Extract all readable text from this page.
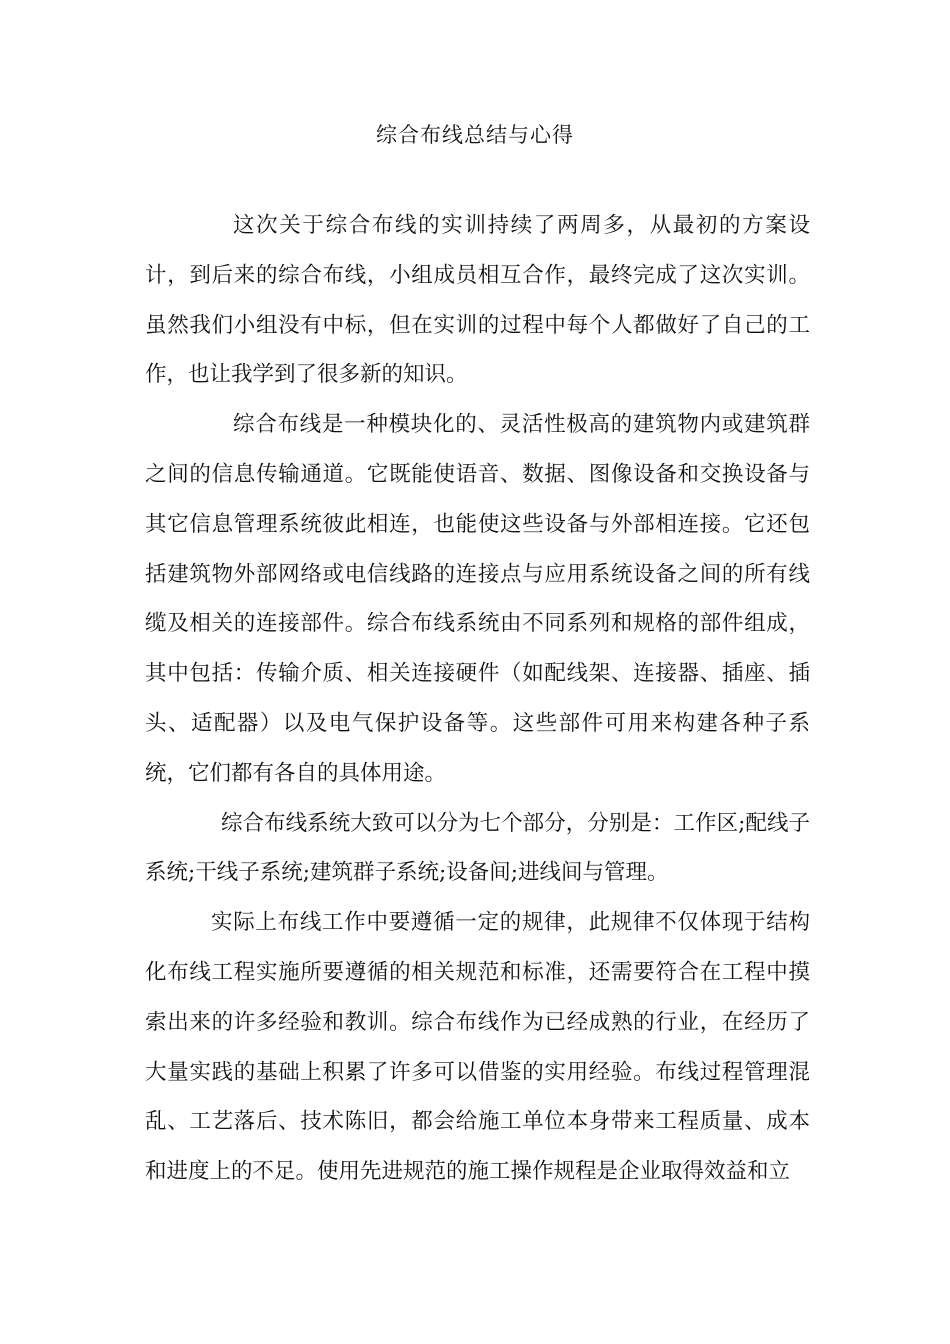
综合布线总结与心得

这次关于综合布线的实训持续了两周多，从最初的方案设计，到后来的综合布线，小组成员相互合作，最终完成了这次实训。虽然我们小组没有中标，但在实训的过程中每个人都做好了自己的工作，也让我学到了很多新的知识。

综合布线是一种模块化的、灵活性极高的建筑物内或建筑群之间的信息传输通道。它既能使语音、数据、图像设备和交换设备与其它信息管理系统彼此相连，也能使这些设备与外部相连接。它还包括建筑物外部网络或电信线路的连接点与应用系统设备之间的所有线缆及相关的连接部件。综合布线系统由不同系列和规格的部件组成，其中包括：传输介质、相关连接硬件（如配线架、连接器、插座、插头、适配器）以及电气保护设备等。这些部件可用来构建各种子系统，它们都有各自的具体用途。

综合布线系统大致可以分为七个部分，分别是：工作区;配线子系统;干线子系统;建筑群子系统;设备间;进线间与管理。

实际上布线工作中要遵循一定的规律，此规律不仅体现于结构化布线工程实施所要遵循的相关规范和标准，还需要符合在工程中摸索出来的许多经验和教训。综合布线作为已经成熟的行业，在经历了大量实践的基础上积累了许多可以借鉴的实用经验。布线过程管理混乱、工艺落后、技术陈旧，都会给施工单位本身带来工程质量、成本和进度上的不足。使用先进规范的施工操作规程是企业取得效益和立
